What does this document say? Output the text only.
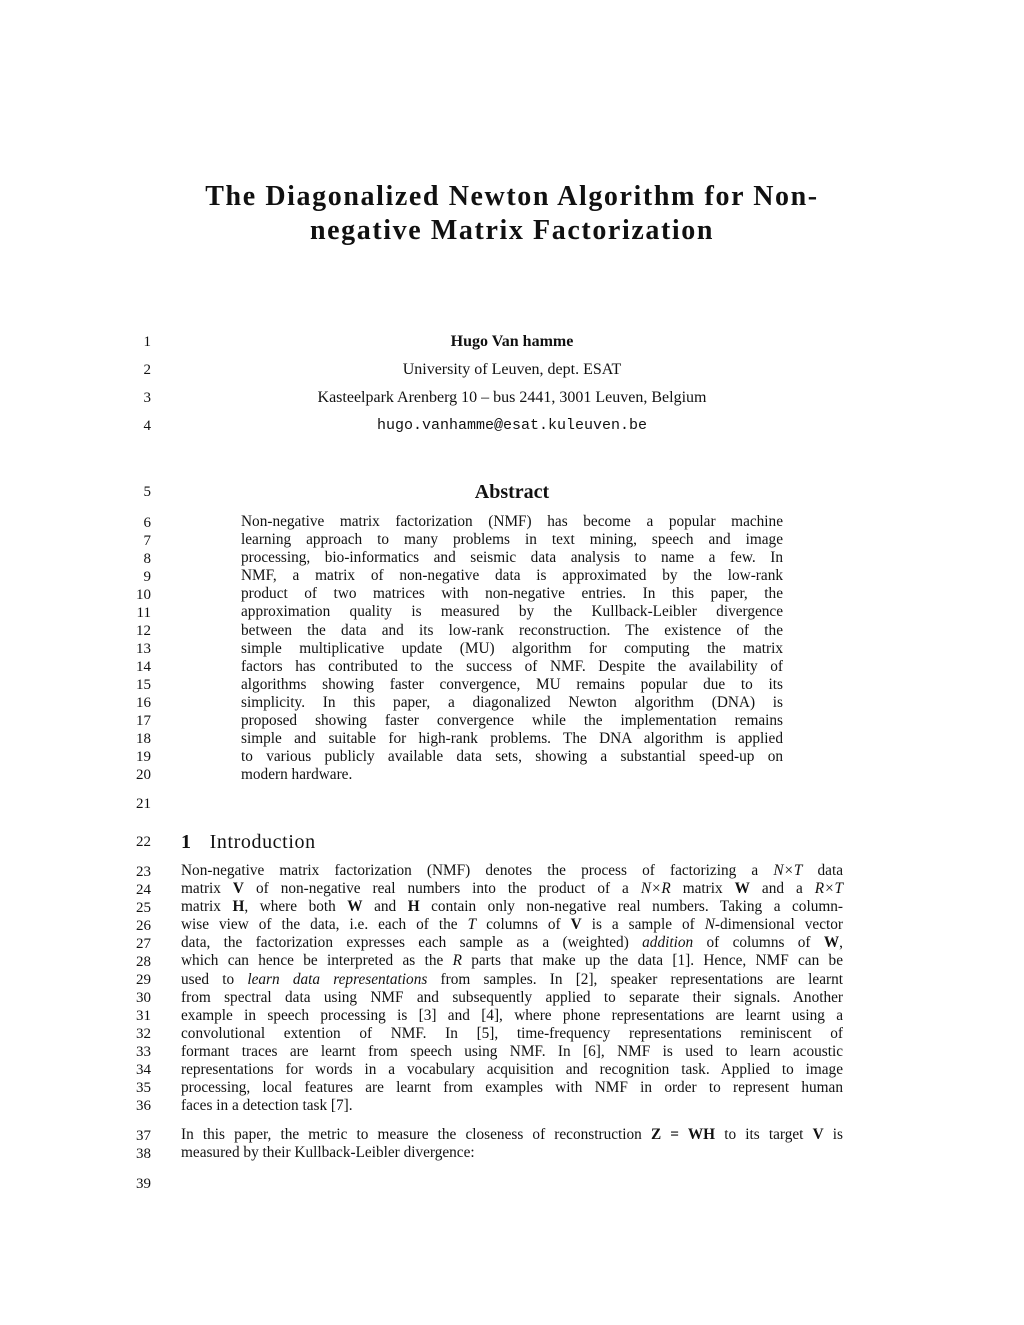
The Diagonalized Newton Algorithm for Non-
negative Matrix Factorization
1
2
3
4
5
6
7
8
9
10
11
12
13
14
15
16
17
18
19
20
21
22
23
24
25
26
27
28
29
30
31
32
33
34
35
36
37
38
39
Hugo Van hamme
University of Leuven, dept. ESAT
Kasteelpark Arenberg 10 – bus 2441, 3001 Leuven, Belgium
hugo.vanhamme@esat.kuleuven.be
Abstract
Non-negative matrix factorization (NMF) has become a popular machine
learning approach to many problems in text mining, speech and image
processing, bio-informatics and seismic data analysis to name a few. In
NMF, a matrix of non-negative data is approximated by the low-rank
product of two matrices with non-negative entries. In this paper, the
approximation quality is measured by the Kullback-Leibler divergence
between the data and its low-rank reconstruction. The existence of the
simple multiplicative update (MU) algorithm for computing the matrix
factors has contributed to the success of NMF. Despite the availability of
algorithms showing faster convergence, MU remains popular due to its
simplicity. In this paper, a diagonalized Newton algorithm (DNA) is
proposed showing faster convergence while the implementation remains
simple and suitable for high-rank problems. The DNA algorithm is applied
to various publicly available data sets, showing a substantial speed-up on
modern hardware.
1 Introduction
Non-negative matrix factorization (NMF) denotes the process of factorizing a N×T data
matrix V of non-negative real numbers into the product of a N×R matrix W and a R×T
matrix H, where both W and H contain only non-negative real numbers. Taking a column-
wise view of the data, i.e. each of the T columns of V is a sample of N-dimensional vector
data, the factorization expresses each sample as a (weighted) addition of columns of W,
which can hence be interpreted as the R parts that make up the data [1]. Hence, NMF can be
used to learn data representations from samples. In [2], speaker representations are learnt
from spectral data using NMF and subsequently applied to separate their signals. Another
example in speech processing is [3] and [4], where phone representations are learnt using a
convolutional extention of NMF. In [5], time-frequency representations reminiscent of
formant traces are learnt from speech using NMF. In [6], NMF is used to learn acoustic
representations for words in a vocabulary acquisition and recognition task. Applied to image
processing, local features are learnt from examples with NMF in order to represent human
faces in a detection task [7].
In this paper, the metric to measure the closeness of reconstruction Z = WH to its target V is
measured by their Kullback-Leibler divergence:
